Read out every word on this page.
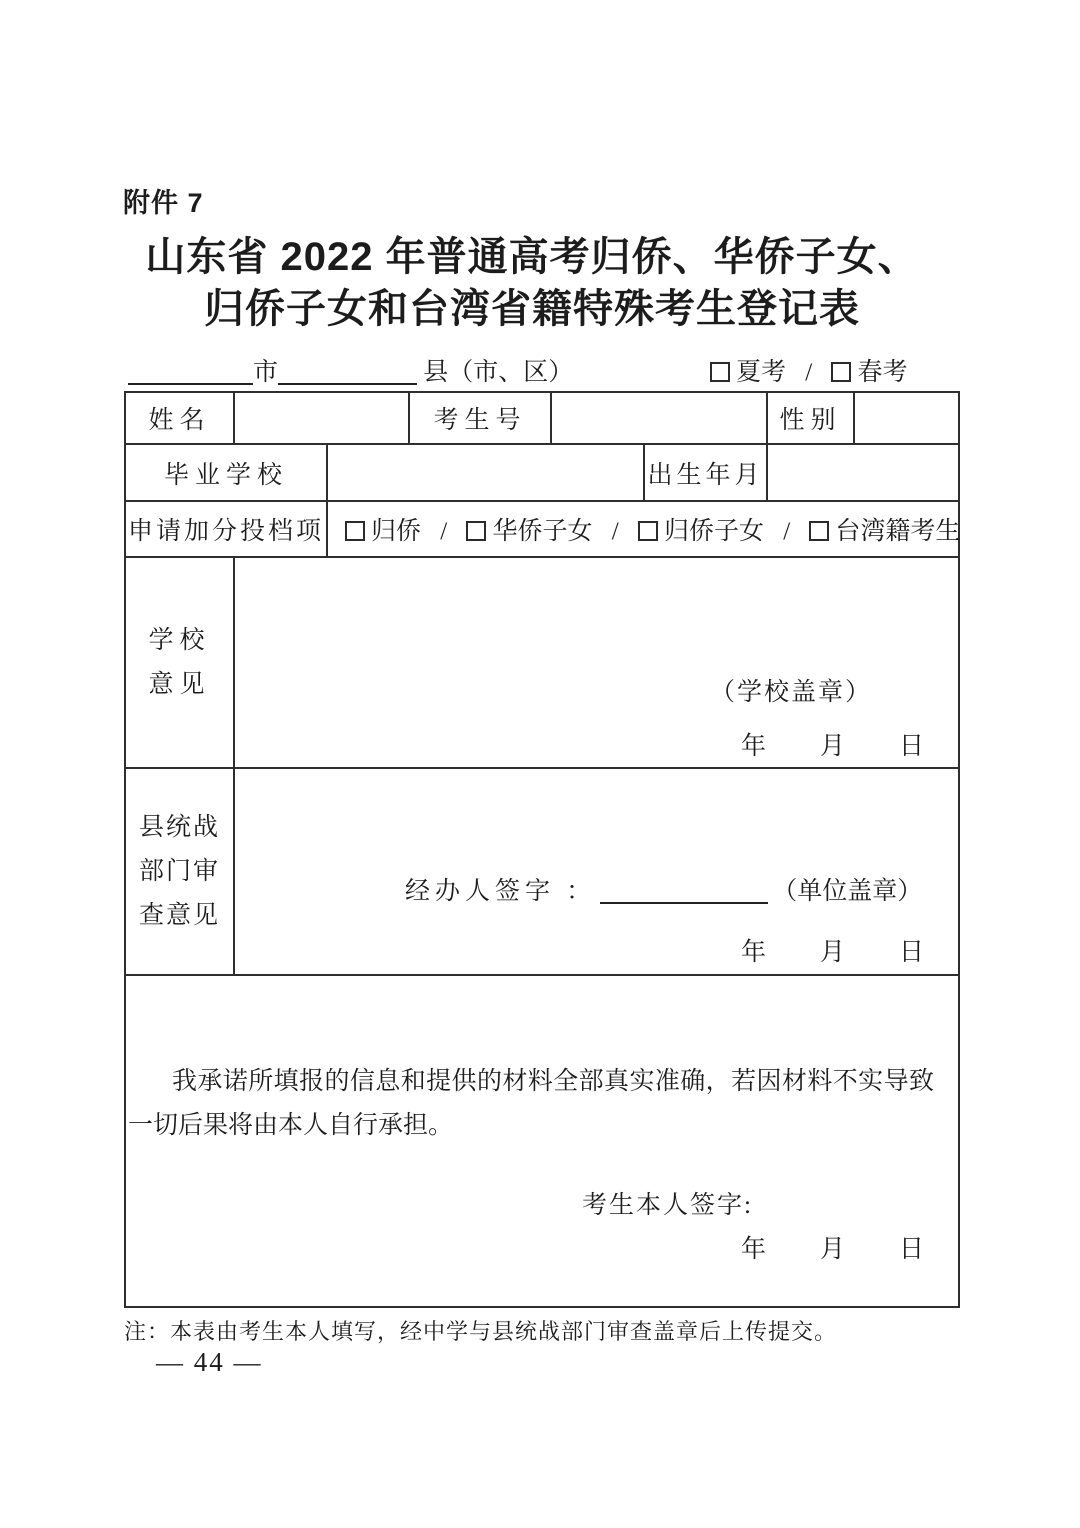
附件 7
山东省 2022 年普通高考归侨、华侨子女、
归侨子女和台湾省籍特殊考生登记表
市	县（市、区）	夏考 / 春考
姓名			考生号			性别	
毕业学校					出生年月		
申请加分投档项		归侨 / 华侨子女 / 归侨子女 / 台湾籍考生					

学校
意见	（学校盖章）
年 月 日						

县统战
部门审
查意见

经办人签字 ：	（单位盖章）
年 月 日

我承诺所填报的信息和提供的材料全部真实准确，若因材料不实导致一切后果将由本人自行承担。

考生本人签字:
年 月 日							
注：本表由考生本人填写，经中学与县统战部门审查盖章后上传提交。
— 44 —
